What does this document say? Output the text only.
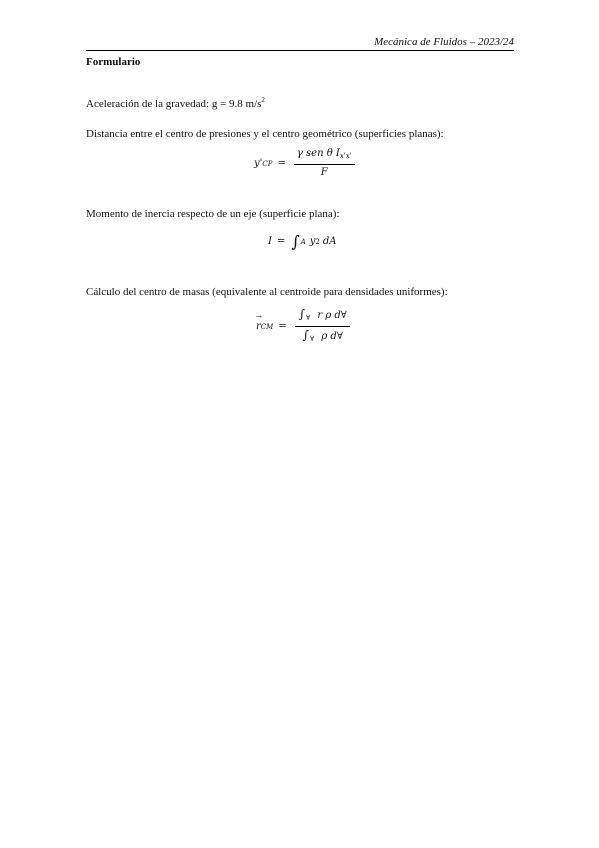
Mecánica de Fluidos – 2023/24
Formulario
Aceleración de la gravedad: g = 9.8 $m/s^2$
Distancia entre el centro de presiones y el centro geométrico (superficies planas):
y' CP = $\frac{\gamma sen \theta I_{x'x'}}{F}$
Momento de inercia respecto de un eje (superficie plana):
I = ∫ A y 2 dA
Cálculo del centro de masas (equivalente al centroide para densidades uniformes):
→ r CM = $\frac{\int_\forall r \rho d\forall}{\int_\forall \rho d\forall}$
